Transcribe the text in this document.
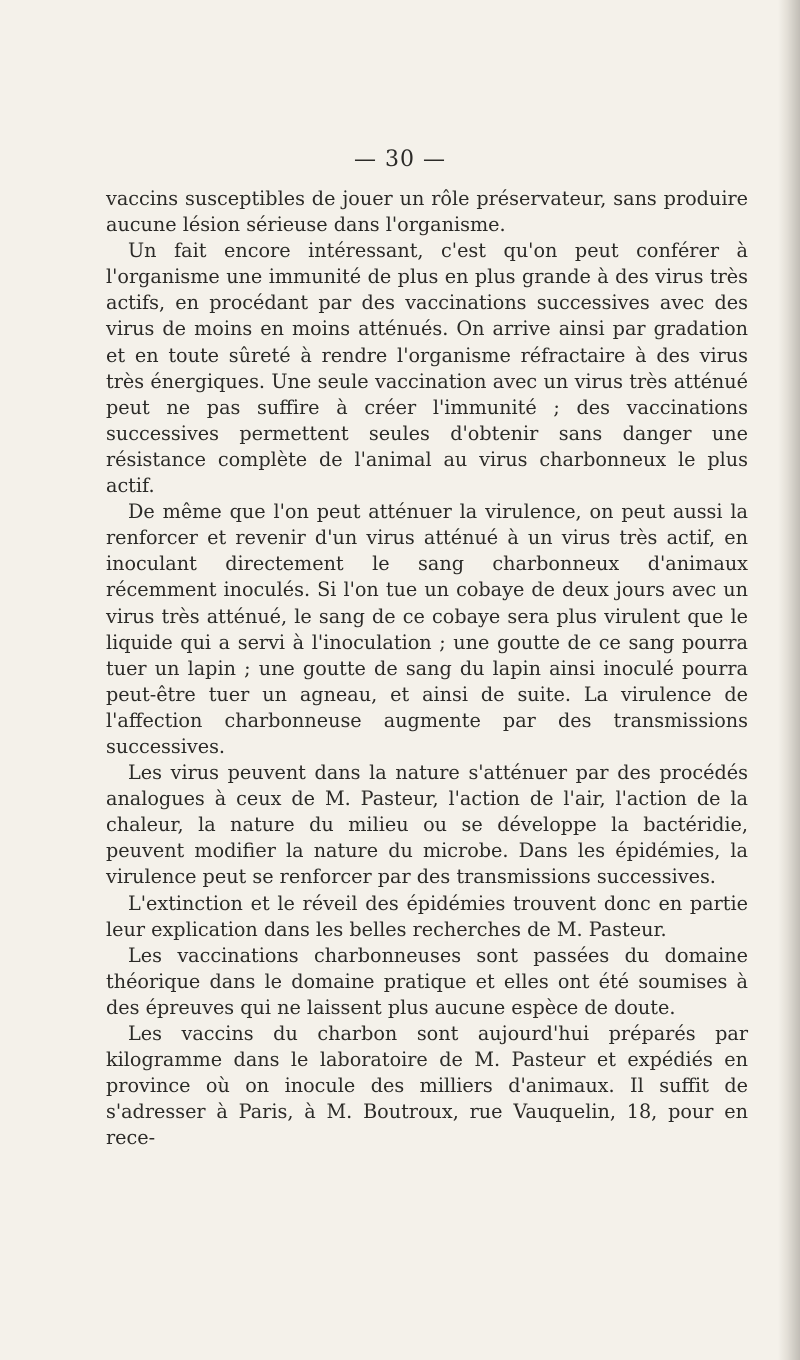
— 30 —

vaccins susceptibles de jouer un rôle préservateur, sans produire aucune lésion sérieuse dans l'organisme.

Un fait encore intéressant, c'est qu'on peut conférer à l'organisme une immunité de plus en plus grande à des virus très actifs, en procédant par des vaccinations successives avec des virus de moins en moins atténués. On arrive ainsi par gradation et en toute sûreté à rendre l'organisme réfractaire à des virus très énergiques. Une seule vaccination avec un virus très atténué peut ne pas suffire à créer l'immunité ; des vaccinations successives permettent seules d'obtenir sans danger une résistance complète de l'animal au virus charbonneux le plus actif.

De même que l'on peut atténuer la virulence, on peut aussi la renforcer et revenir d'un virus atténué à un virus très actif, en inoculant directement le sang charbonneux d'animaux récemment inoculés. Si l'on tue un cobaye de deux jours avec un virus très atténué, le sang de ce cobaye sera plus virulent que le liquide qui a servi à l'inoculation ; une goutte de ce sang pourra tuer un lapin ; une goutte de sang du lapin ainsi inoculé pourra peut-être tuer un agneau, et ainsi de suite. La virulence de l'affection charbonneuse augmente par des transmissions successives.

Les virus peuvent dans la nature s'atténuer par des procédés analogues à ceux de M. Pasteur, l'action de l'air, l'action de la chaleur, la nature du milieu ou se développe la bactéridie, peuvent modifier la nature du microbe. Dans les épidémies, la virulence peut se renforcer par des transmissions successives.

L'extinction et le réveil des épidémies trouvent donc en partie leur explication dans les belles recherches de M. Pasteur.

Les vaccinations charbonneuses sont passées du domaine théorique dans le domaine pratique et elles ont été soumises à des épreuves qui ne laissent plus aucune espèce de doute.

Les vaccins du charbon sont aujourd'hui préparés par kilogramme dans le laboratoire de M. Pasteur et expédiés en province où on inocule des milliers d'animaux. Il suffit de s'adresser à Paris, à M. Boutroux, rue Vauquelin, 18, pour en rece-
